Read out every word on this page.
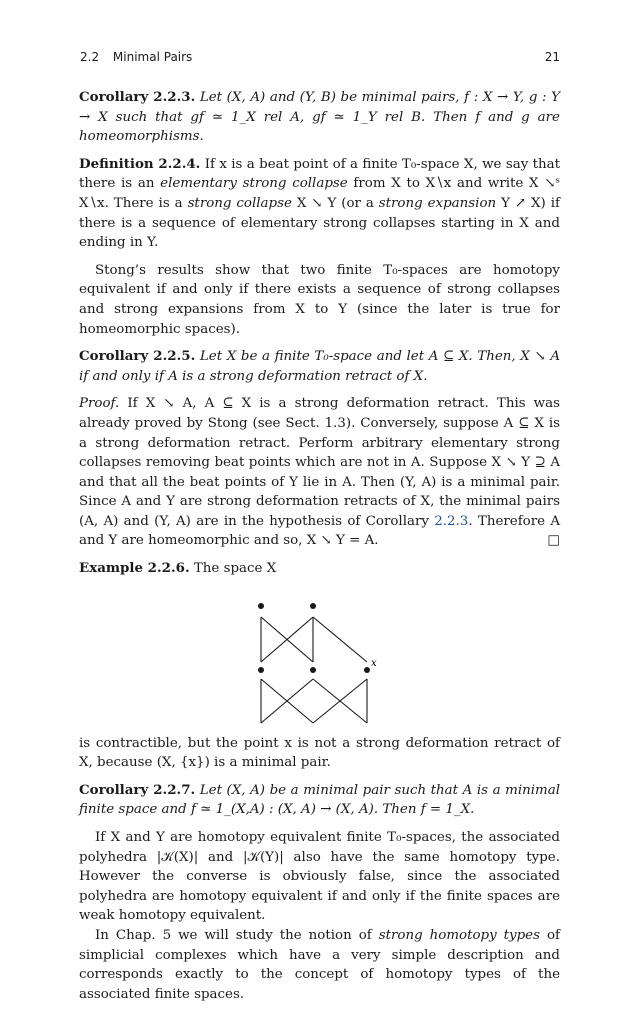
2.2 Minimal Pairs	21

Corollary 2.2.3. Let (X, A) and (Y, B) be minimal pairs, f : X → Y, g : Y → X such that gf ≃ 1_X rel A, gf ≃ 1_Y rel B. Then f and g are homeomorphisms.

Definition 2.2.4. If x is a beat point of a finite T₀-space X, we say that there is an elementary strong collapse from X to X∖x and write X ↘ˢ X∖x. There is a strong collapse X ↘ Y (or a strong expansion Y ↗ X) if there is a sequence of elementary strong collapses starting in X and ending in Y.

Stong’s results show that two finite T₀-spaces are homotopy equivalent if and only if there exists a sequence of strong collapses and strong expansions from X to Y (since the later is true for homeomorphic spaces).

Corollary 2.2.5. Let X be a finite T₀-space and let A ⊆ X. Then, X ↘ A if and only if A is a strong deformation retract of X.

Proof. If X ↘ A, A ⊆ X is a strong deformation retract. This was already proved by Stong (see Sect. 1.3). Conversely, suppose A ⊆ X is a strong deformation retract. Perform arbitrary elementary strong collapses removing beat points which are not in A. Suppose X ↘ Y ⊇ A and that all the beat points of Y lie in A. Then (Y, A) is a minimal pair. Since A and Y are strong deformation retracts of X, the minimal pairs (A, A) and (Y, A) are in the hypothesis of Corollary 2.2.3. Therefore A and Y are homeomorphic and so, X ↘ Y = A.	□

Example 2.2.6. The space X

x

is contractible, but the point x is not a strong deformation retract of X, because (X, {x}) is a minimal pair.

Corollary 2.2.7. Let (X, A) be a minimal pair such that A is a minimal finite space and f ≃ 1_(X,A) : (X, A) → (X, A). Then f = 1_X.

If X and Y are homotopy equivalent finite T₀-spaces, the associated polyhedra |𝒦(X)| and |𝒦(Y)| also have the same homotopy type. However the converse is obviously false, since the associated polyhedra are homotopy equivalent if and only if the finite spaces are weak homotopy equivalent.

In Chap. 5 we will study the notion of strong homotopy types of simplicial complexes which have a very simple description and corresponds exactly to the concept of homotopy types of the associated finite spaces.
